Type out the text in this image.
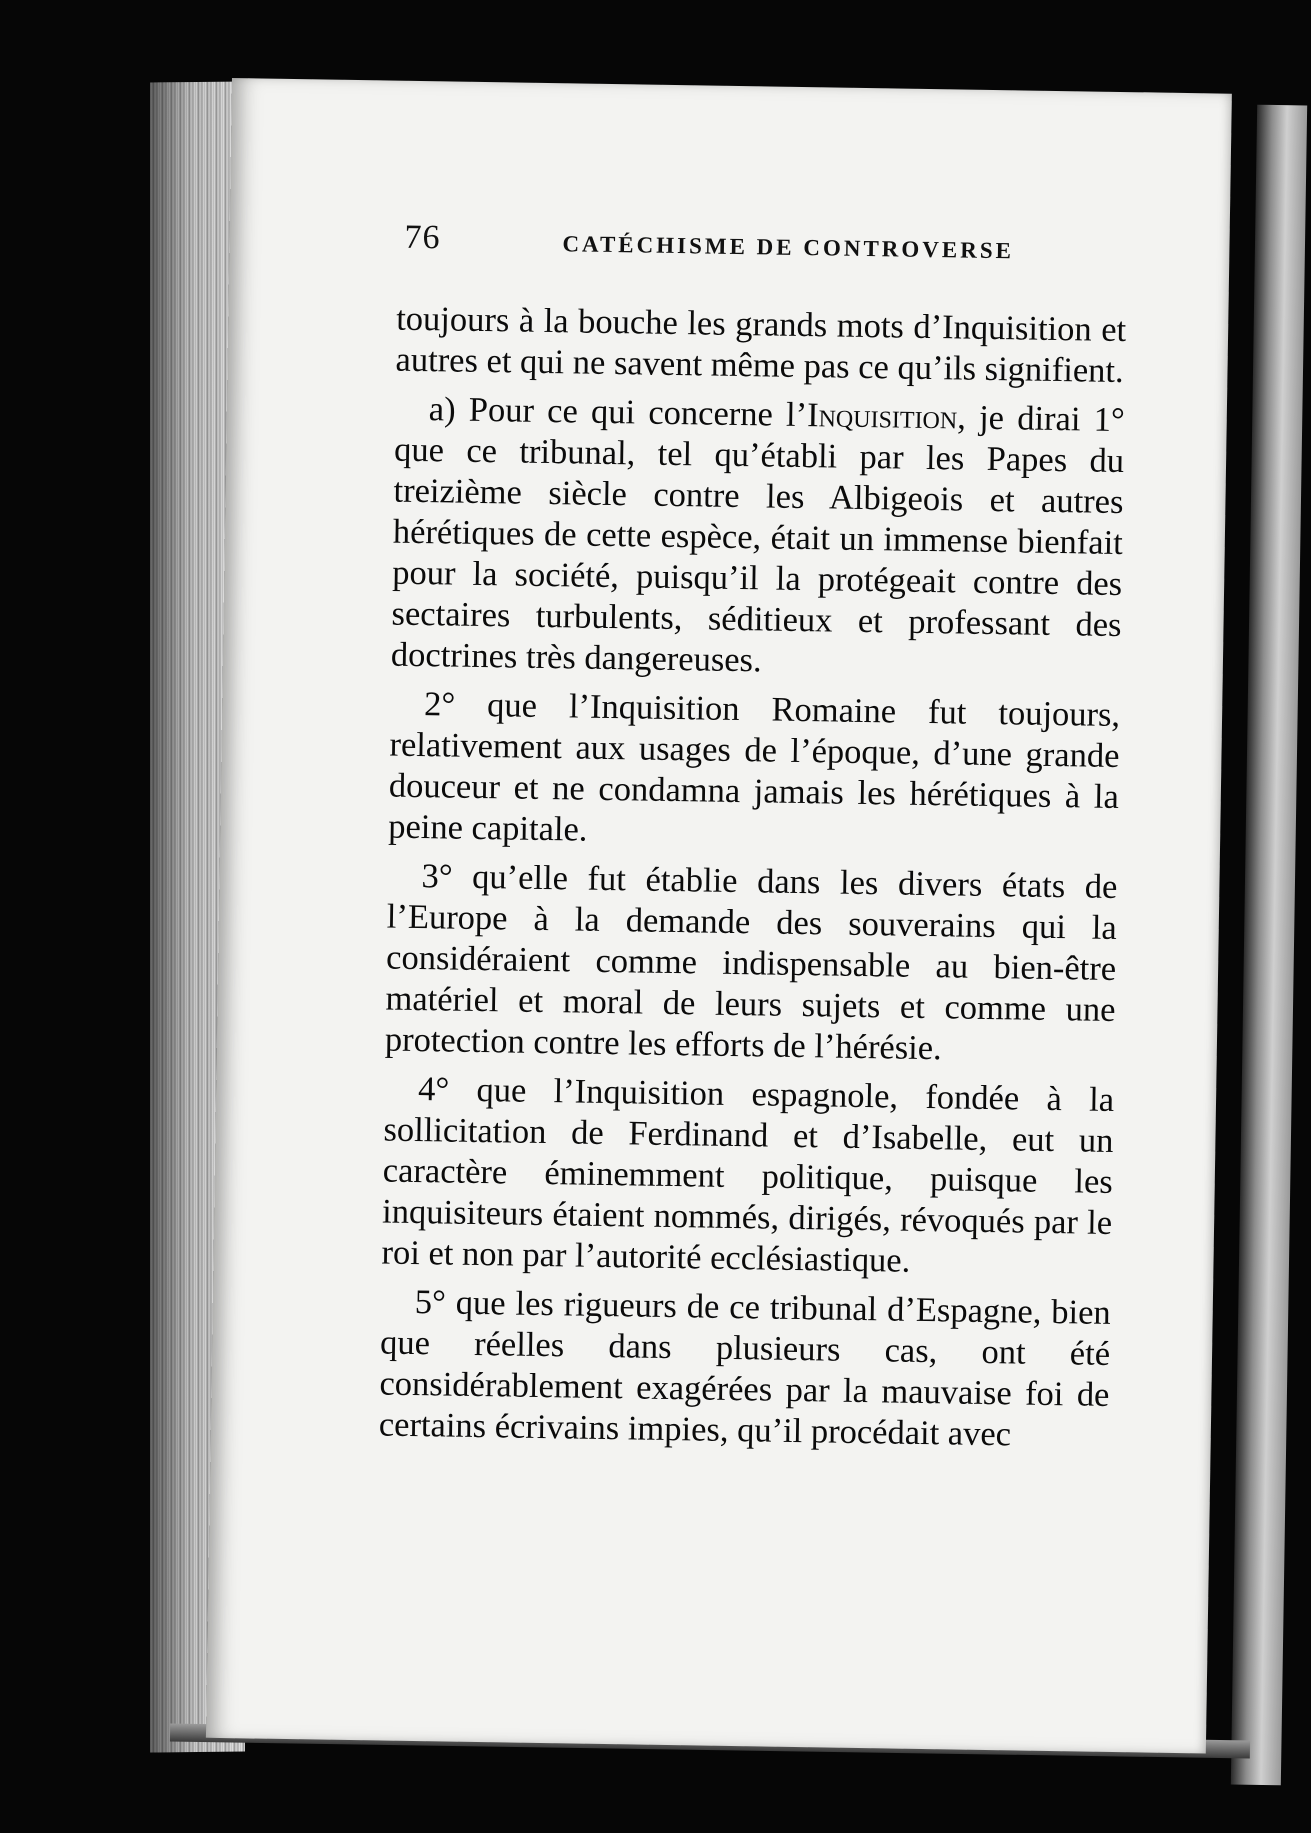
76	CATÉCHISME DE CONTROVERSE

toujours à la bouche les grands mots d’Inquisition et autres et qui ne savent même pas ce qu’ils signifient.

a) Pour ce qui concerne l’Inquisition, je dirai 1° que ce tribunal, tel qu’établi par les Papes du treizième siècle contre les Albigeois et autres hérétiques de cette espèce, était un immense bienfait pour la société, puisqu’il la protégeait contre des sectaires turbulents, séditieux et professant des doctrines très dangereuses.

2° que l’Inquisition Romaine fut toujours, relativement aux usages de l’époque, d’une grande douceur et ne condamna jamais les hérétiques à la peine capitale.

3° qu’elle fut établie dans les divers états de l’Europe à la demande des souverains qui la considéraient comme indispensable au bien-être matériel et moral de leurs sujets et comme une protection contre les efforts de l’hérésie.

4° que l’Inquisition espagnole, fondée à la sollicitation de Ferdinand et d’Isabelle, eut un caractère éminemment politique, puisque les inquisiteurs étaient nommés, dirigés, révoqués par le roi et non par l’autorité ecclésiastique.

5° que les rigueurs de ce tribunal d’Espagne, bien que réelles dans plusieurs cas, ont été considérablement exagérées par la mauvaise foi de certains écrivains impies, qu’il procédait avec
